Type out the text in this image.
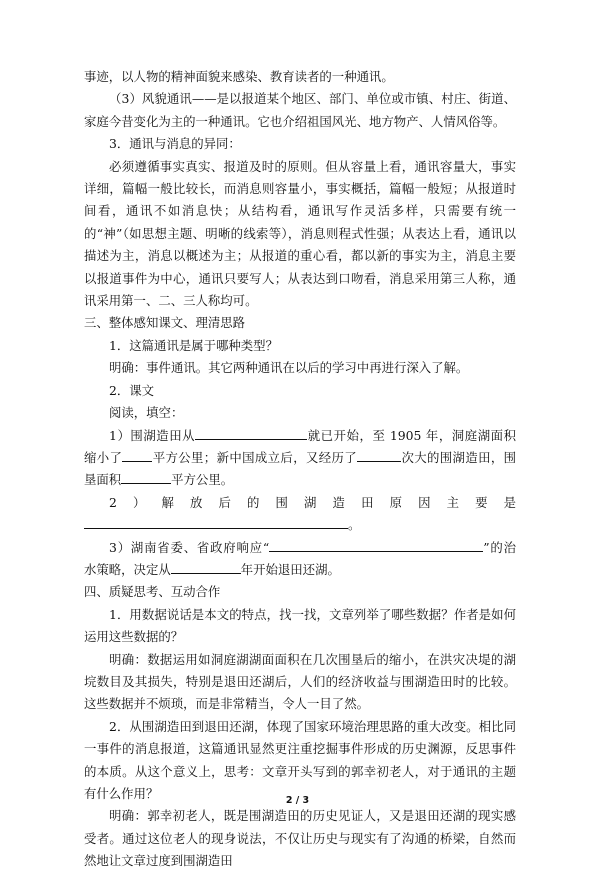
事迹，以人物的精神面貌来感染、教育读者的一种通讯。

（3）风貌通讯——是以报道某个地区、部门、单位或市镇、村庄、街道、家庭今昔变化为主的一种通讯。它也介绍祖国风光、地方物产、人情风俗等。

3．通讯与消息的异同：

必须遵循事实真实、报道及时的原则。但从容量上看，通讯容量大，事实详细，篇幅一般比较长，而消息则容量小，事实概括，篇幅一般短；从报道时间看，通讯不如消息快；从结构看，通讯写作灵活多样，只需要有统一的“神”（如思想主题、明晰的线索等），消息则程式性强；从表达上看，通讯以描述为主，消息以概述为主；从报道的重心看，都以新的事实为主，消息主要以报道事件为中心，通讯只要写人；从表达到口吻看，消息采用第三人称，通讯采用第一、二、三人称均可。

三、整体感知课文、理清思路

1．这篇通讯是属于哪种类型？

明确：事件通讯。其它两种通讯在以后的学习中再进行深入了解。

2．课文

阅读，填空：

1）围湖造田从	就已开始，至 1905 年，洞庭湖面积缩小了 平方公里；新中国成立后，又经历了	次大的围湖造田，围垦面积	平方公里。

2）解放后的围湖造田原因主要是。

3）湖南省委、省政府响应“	”的治水策略，决定从	年开始退田还湖。

四、质疑思考、互动合作

1．用数据说话是本文的特点，找一找，文章列举了哪些数据？作者是如何运用这些数据的？

明确：数据运用如洞庭湖湖面面积在几次围垦后的缩小，在洪灾决堤的湖垸数目及其损失，特别是退田还湖后，人们的经济收益与围湖造田时的比较。这些数据并不烦琐，而是非常精当，令人一目了然。

2．从围湖造田到退田还湖，体现了国家环境治理思路的重大改变。相比同一事件的消息报道，这篇通讯显然更注重挖掘事件形成的历史渊源，反思事件的本质。从这个意义上，思考：文章开头写到的郭幸初老人，对于通讯的主题有什么作用？

明确：郭幸初老人，既是围湖造田的历史见证人，又是退田还湖的现实感受者。通过这位老人的现身说法，不仅让历史与现实有了沟通的桥梁，自然而然地让文章过度到围湖造田

2 / 3
